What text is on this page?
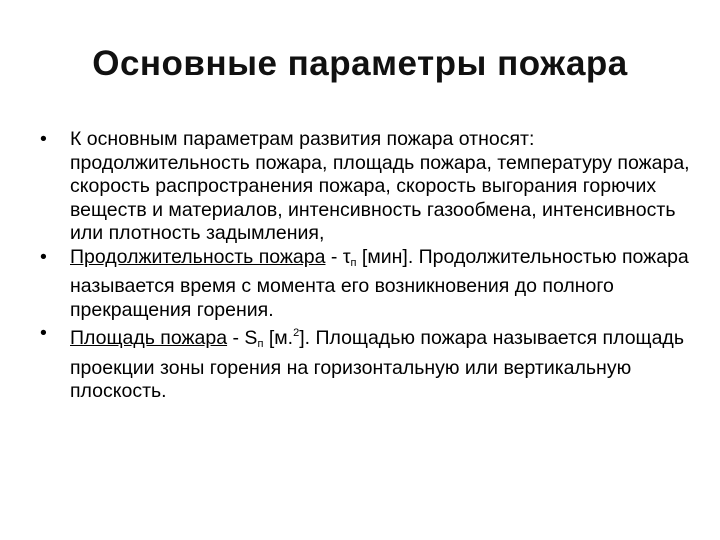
Основные параметры пожара
•	К основным параметрам развития пожара относят: продолжительность пожара, площадь пожара, температуру пожара, скорость распространения пожара, скорость выгорания горючих веществ и материалов, интенсивность газообмена, интенсивность или плотность задымления,
•	Продолжительность пожара - $\tau_п$ [мин]. Продолжительностью пожара называется время с момента его возникновения до полного прекращения горения.
•	Площадь пожара - $S_п$ [м.$^2$]. Площадью пожара называется площадь проекции зоны горения на горизонтальную или вертикальную плоскость.
